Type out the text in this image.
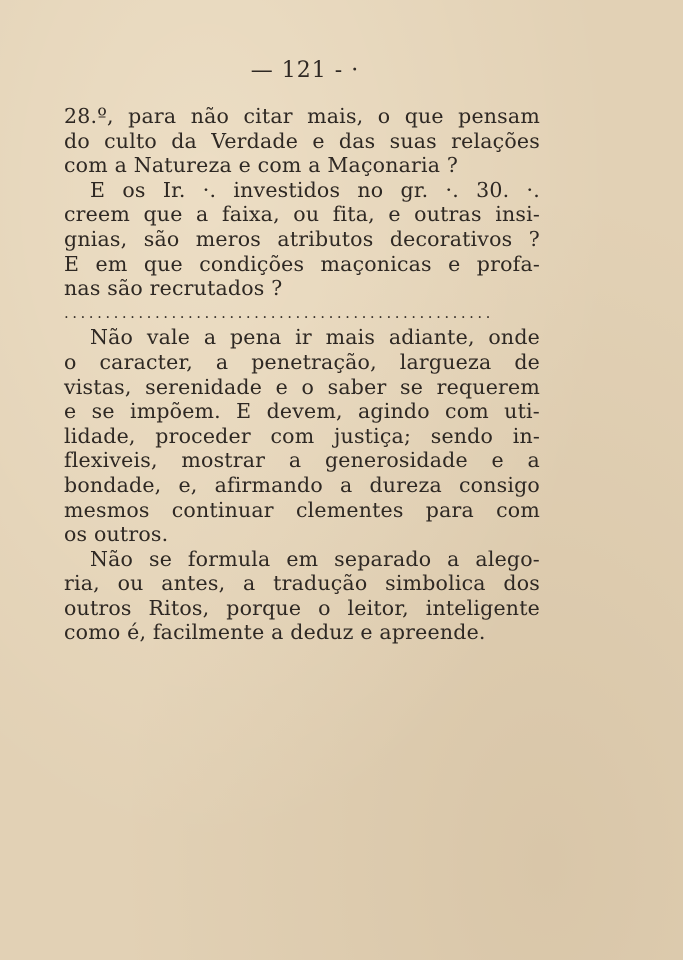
— 121 - ·
28.º, para não citar mais, o que pensam
do culto da Verdade e das suas relações
com a Natureza e com a Maçonaria ?
E os Ir. ·. investidos no gr. ·. 30. ·.
creem que a faixa, ou fita, e outras insi-
gnias, são meros atributos decorativos ?
E em que condições maçonicas e profa-
nas são recrutados ?
....................................................
Não vale a pena ir mais adiante, onde
o caracter, a penetração, largueza de
vistas, serenidade e o saber se requerem
e se impõem. E devem, agindo com uti-
lidade, proceder com justiça; sendo in-
flexiveis, mostrar a generosidade e a
bondade, e, afirmando a dureza consigo
mesmos continuar clementes para com
os outros.
Não se formula em separado a alego-
ria, ou antes, a tradução simbolica dos
outros Ritos, porque o leitor, inteligente
como é, facilmente a deduz e apreende.
